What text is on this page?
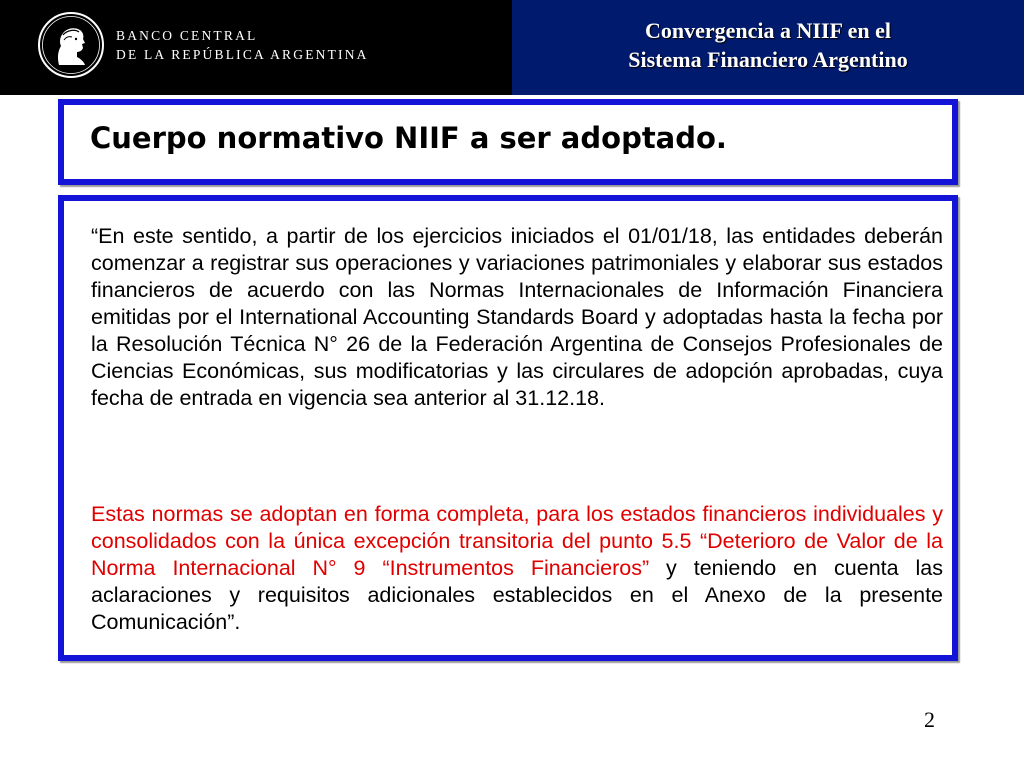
BANCO CENTRAL
DE LA REPÚBLICA ARGENTINA
Convergencia a NIIF en el
Sistema Financiero Argentino
Cuerpo normativo NIIF a ser adoptado.

“En este sentido, a partir de los ejercicios iniciados el 01/01/18, las entidades deberán comenzar a registrar sus operaciones y variaciones patrimoniales y elaborar sus estados financieros de acuerdo con las Normas Internacionales de Información Financiera emitidas por el International Accounting Standards Board y adoptadas hasta la fecha por la Resolución Técnica N° 26 de la Federación Argentina de Consejos Profesionales de Ciencias Económicas, sus modificatorias y las circulares de adopción aprobadas, cuya fecha de entrada en vigencia sea anterior al 31.12.18.

Estas normas se adoptan en forma completa, para los estados financieros individuales y consolidados con la única excepción transitoria del punto 5.5 “Deterioro de Valor de la Norma Internacional N° 9 “Instrumentos Financieros” y teniendo en cuenta las aclaraciones y requisitos adicionales establecidos en el Anexo de la presente Comunicación”.

2
